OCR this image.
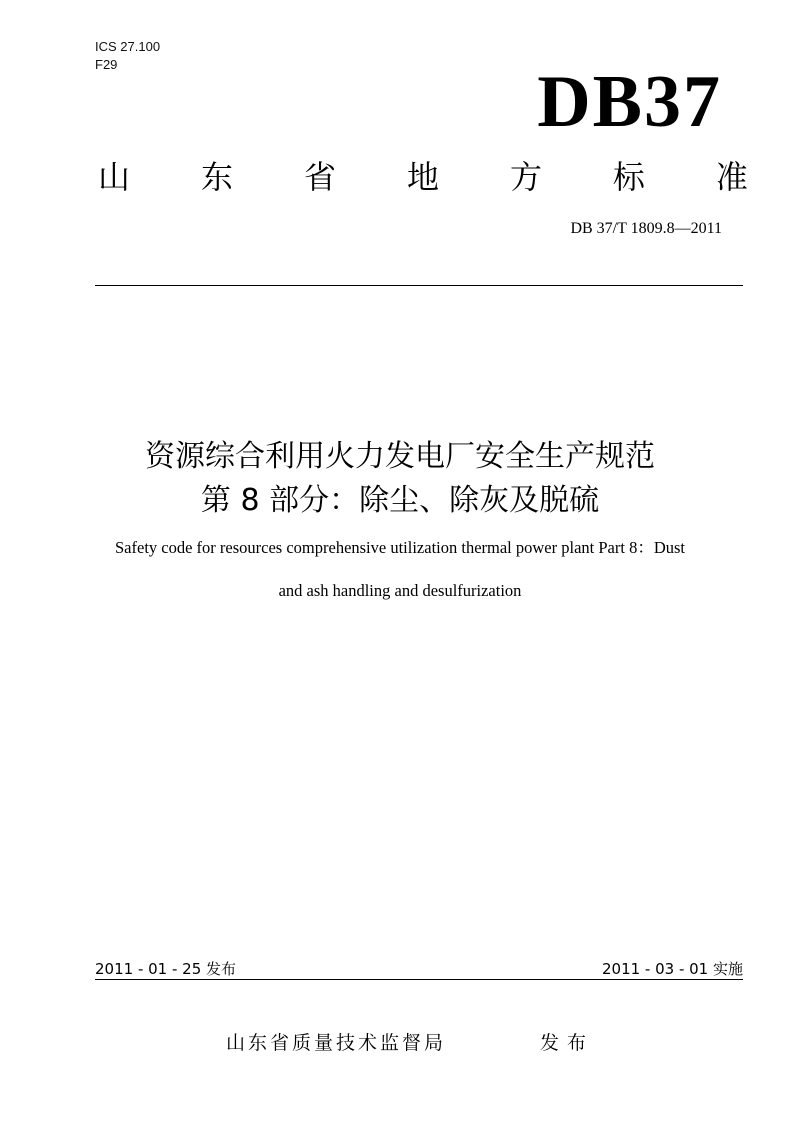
ICS 27.100
F29	DB37
山 东 省 地 方 标 准
DB 37/T 1809.8—2011
资源综合利用火力发电厂安全生产规范
第 8 部分：除尘、除灰及脱硫
Safety code for resources comprehensive utilization thermal power plant Part 8：Dust
and ash handling and desulfurization
2011 - 01 - 25 发布	2011 - 03 - 01 实施
山东省质量技术监督局	发布
